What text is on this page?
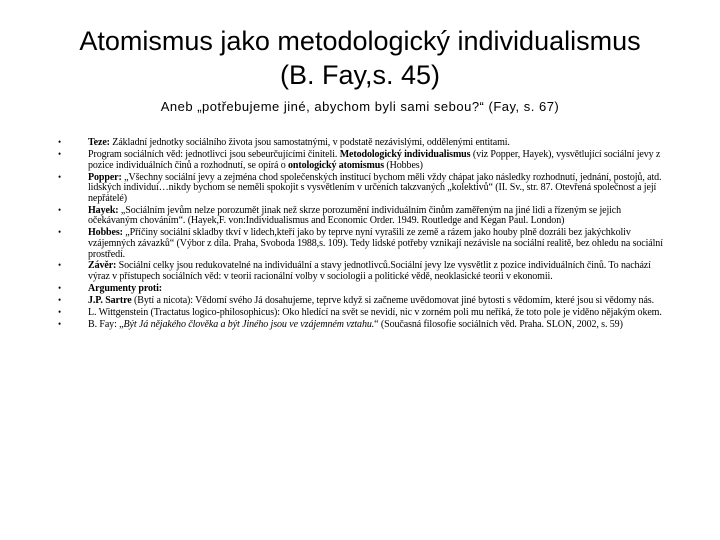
Atomismus jako metodologický individualismus
(B. Fay,s. 45)
Aneb „potřebujeme jiné, abychom byli sami sebou?“ (Fay, s. 67)
•	Teze: Základní jednotky sociálního života jsou samostatnými, v podstatě nezávislými, oddělenými entitami.
•	Program sociálních věd: jednotlivci jsou sebeurčujícími činiteli. Metodologický individualismus (viz Popper, Hayek), vysvětlující sociální jevy z pozice individuálních činů a rozhodnutí, se opírá o ontologický atomismus (Hobbes)
•	Popper: „Všechny sociální jevy a zejména chod společenských institucí bychom měli vždy chápat jako následky rozhodnutí, jednání, postojů, atd. lidských individuí…nikdy bychom se neměli spokojit s vysvětlením v určeních takzvaných „kolektivů“ (II. Sv., str. 87. Otevřená společnost a její nepřátelé)
•	Hayek: „Sociálním jevům nelze porozumět jinak než skrze porozumění individuálním činům zaměřeným na jiné lidi a řízeným se jejich očekávaným chováním“. (Hayek,F. von:Individualismus and Economic Order. 1949. Routledge and Kegan Paul. London)
•	Hobbes: „Příčiny sociální skladby tkví v lidech,kteří jako by teprve nyní vyrašili ze země a rázem jako houby plně dozráli bez jakýchkoliv vzájemných závazků“ (Výbor z díla. Praha, Svoboda 1988,s. 109). Tedy lidské potřeby vznikají nezávisle na sociální realitě, bez ohledu na sociální prostředí.
•	Závěr: Sociální celky jsou redukovatelné na individuální a stavy jednotlivců.Sociální jevy lze vysvětlit z pozice individuálních činů. To nachází výraz v přístupech sociálních věd: v teorii racionální volby v sociologii a politické vědě, neoklasické teorii v ekonomii.
•	Argumenty proti:
•	J.P. Sartre (Bytí a nicota): Vědomí svého Já dosahujeme, teprve když si začneme uvědomovat jiné bytosti s vědomím, které jsou si vědomy nás.
•	L. Wittgenstein (Tractatus logico-philosophicus): Oko hledící na svět se nevidí, nic v zorném poli mu neříká, že toto pole je viděno nějakým okem.
•	B. Fay: „Být Já nějakého člověka a být Jiného jsou ve vzájemném vztahu.“ (Současná filosofie sociálních věd. Praha. SLON, 2002, s. 59)
